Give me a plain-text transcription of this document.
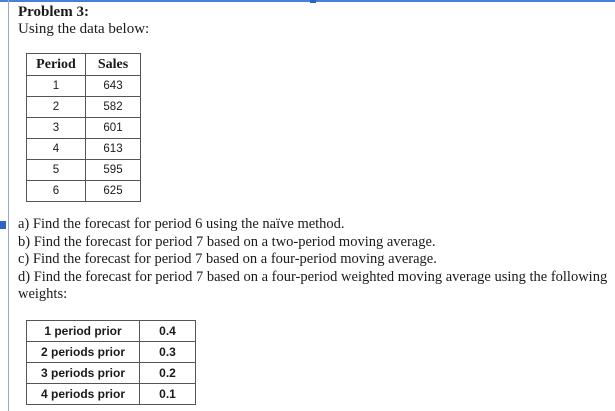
Problem 3:
Using the data below:
Period	Sales
1	643
2	582
3	601
4	613
5	595
6	625

a) Find the forecast for period 6 using the naïve method.

b) Find the forecast for period 7 based on a two-period moving average.

c) Find the forecast for period 7 based on a four-period moving average.

d) Find the forecast for period 7 based on a four-period weighted moving average using the following weights:

1 period prior	0.4
2 periods prior	0.3
3 periods prior	0.2
4 periods prior	0.1
